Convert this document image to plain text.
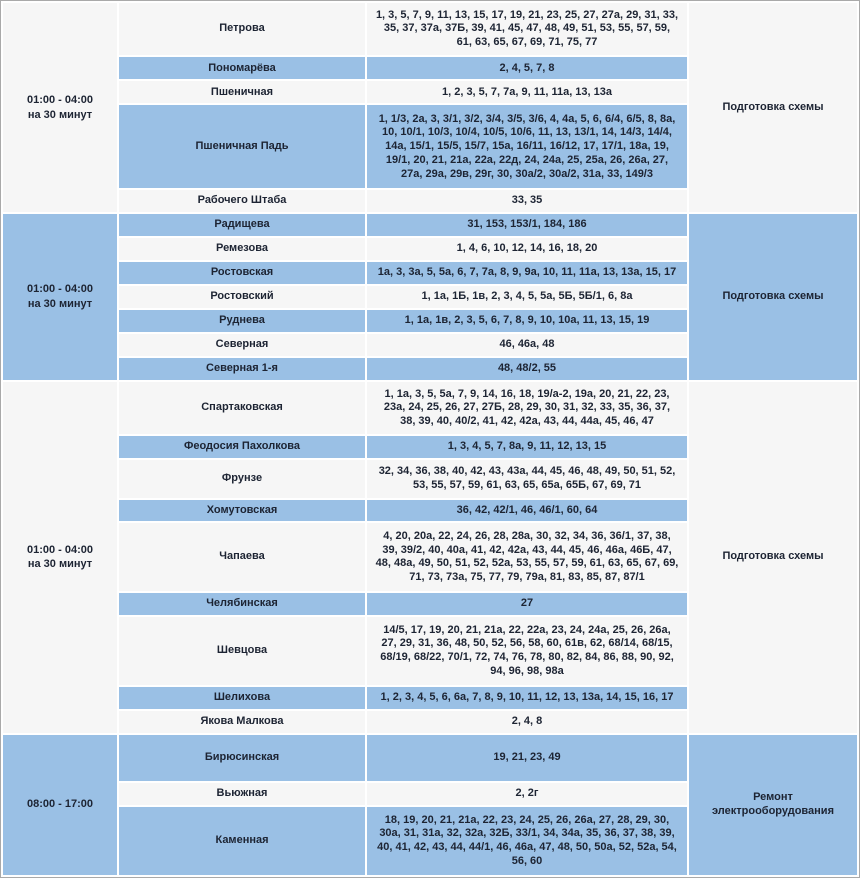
01:00 - 04:00
на 30 минут	Петрова	1, 3, 5, 7, 9, 11, 13, 15, 17, 19, 21, 23, 25, 27, 27а, 29, 31, 33, 35, 37, 37а, 37Б, 39, 41, 45, 47, 48, 49, 51, 53, 55, 57, 59, 61, 63, 65, 67, 69, 71, 75, 77	Подготовка схемы
	Пономарёва	2, 4, 5, 7, 8	
	Пшеничная	1, 2, 3, 5, 7, 7а, 9, 11, 11а, 13, 13а	
	Пшеничная Падь	1, 1/3, 2а, 3, 3/1, 3/2, 3/4, 3/5, 3/6, 4, 4а, 5, 6, 6/4, 6/5, 8, 8а, 10, 10/1, 10/3, 10/4, 10/5, 10/6, 11, 13, 13/1, 14, 14/3, 14/4, 14а, 15/1, 15/5, 15/7, 15а, 16/11, 16/12, 17, 17/1, 18а, 19, 19/1, 20, 21, 21а, 22а, 22д, 24, 24а, 25, 25а, 26, 26а, 27, 27а, 29а, 29в, 29г, 30, 30а/2, 30а/2, 31а, 33, 149/3	
	Рабочего Штаба	33, 35	

01:00 - 04:00
на 30 минут	Радищева	31, 153, 153/1, 184, 186	Подготовка схемы
	Ремезова	1, 4, 6, 10, 12, 14, 16, 18, 20	
	Ростовская	1а, 3, 3а, 5, 5а, 6, 7, 7а, 8, 9, 9а, 10, 11, 11а, 13, 13а, 15, 17	
	Ростовский	1, 1а, 1Б, 1в, 2, 3, 4, 5, 5а, 5Б, 5Б/1, 6, 8а	
	Руднева	1, 1а, 1в, 2, 3, 5, 6, 7, 8, 9, 10, 10а, 11, 13, 15, 19	
	Северная	46, 46а, 48	
	Северная 1-я	48, 48/2, 55	

01:00 - 04:00
на 30 минут	Спартаковская	1, 1а, 3, 5, 5а, 7, 9, 14, 16, 18, 19/а-2, 19а, 20, 21, 22, 23, 23а, 24, 25, 26, 27, 27Б, 28, 29, 30, 31, 32, 33, 35, 36, 37, 38, 39, 40, 40/2, 41, 42, 42а, 43, 44, 44а, 45, 46, 47	Подготовка схемы
	Феодосия Пахолкова	1, 3, 4, 5, 7, 8а, 9, 11, 12, 13, 15	
	Фрунзе	32, 34, 36, 38, 40, 42, 43, 43а, 44, 45, 46, 48, 49, 50, 51, 52, 53, 55, 57, 59, 61, 63, 65, 65а, 65Б, 67, 69, 71	
	Хомутовская	36, 42, 42/1, 46, 46/1, 60, 64	
	Чапаева	4, 20, 20а, 22, 24, 26, 28, 28а, 30, 32, 34, 36, 36/1, 37, 38, 39, 39/2, 40, 40а, 41, 42, 42а, 43, 44, 45, 46, 46а, 46Б, 47, 48, 48а, 49, 50, 51, 52, 52а, 53, 55, 57, 59, 61, 63, 65, 67, 69, 71, 73, 73а, 75, 77, 79, 79а, 81, 83, 85, 87, 87/1	
	Челябинская	27	
	Шевцова	14/5, 17, 19, 20, 21, 21а, 22, 22а, 23, 24, 24а, 25, 26, 26а, 27, 29, 31, 36, 48, 50, 52, 56, 58, 60, 61в, 62, 68/14, 68/15, 68/19, 68/22, 70/1, 72, 74, 76, 78, 80, 82, 84, 86, 88, 90, 92, 94, 96, 98, 98а	
	Шелихова	1, 2, 3, 4, 5, 6, 6а, 7, 8, 9, 10, 11, 12, 13, 13а, 14, 15, 16, 17	
	Якова Малкова	2, 4, 8	

08:00 - 17:00	Бирюсинская	19, 21, 23, 49	Ремонт электрооборудования
	Вьюжная	2, 2г	
	Каменная	18, 19, 20, 21, 21а, 22, 23, 24, 25, 26, 26а, 27, 28, 29, 30, 30а, 31, 31а, 32, 32а, 32Б, 33/1, 34, 34а, 35, 36, 37, 38, 39, 40, 41, 42, 43, 44, 44/1, 46, 46а, 47, 48, 50, 50а, 52, 52а, 54, 56, 60	
